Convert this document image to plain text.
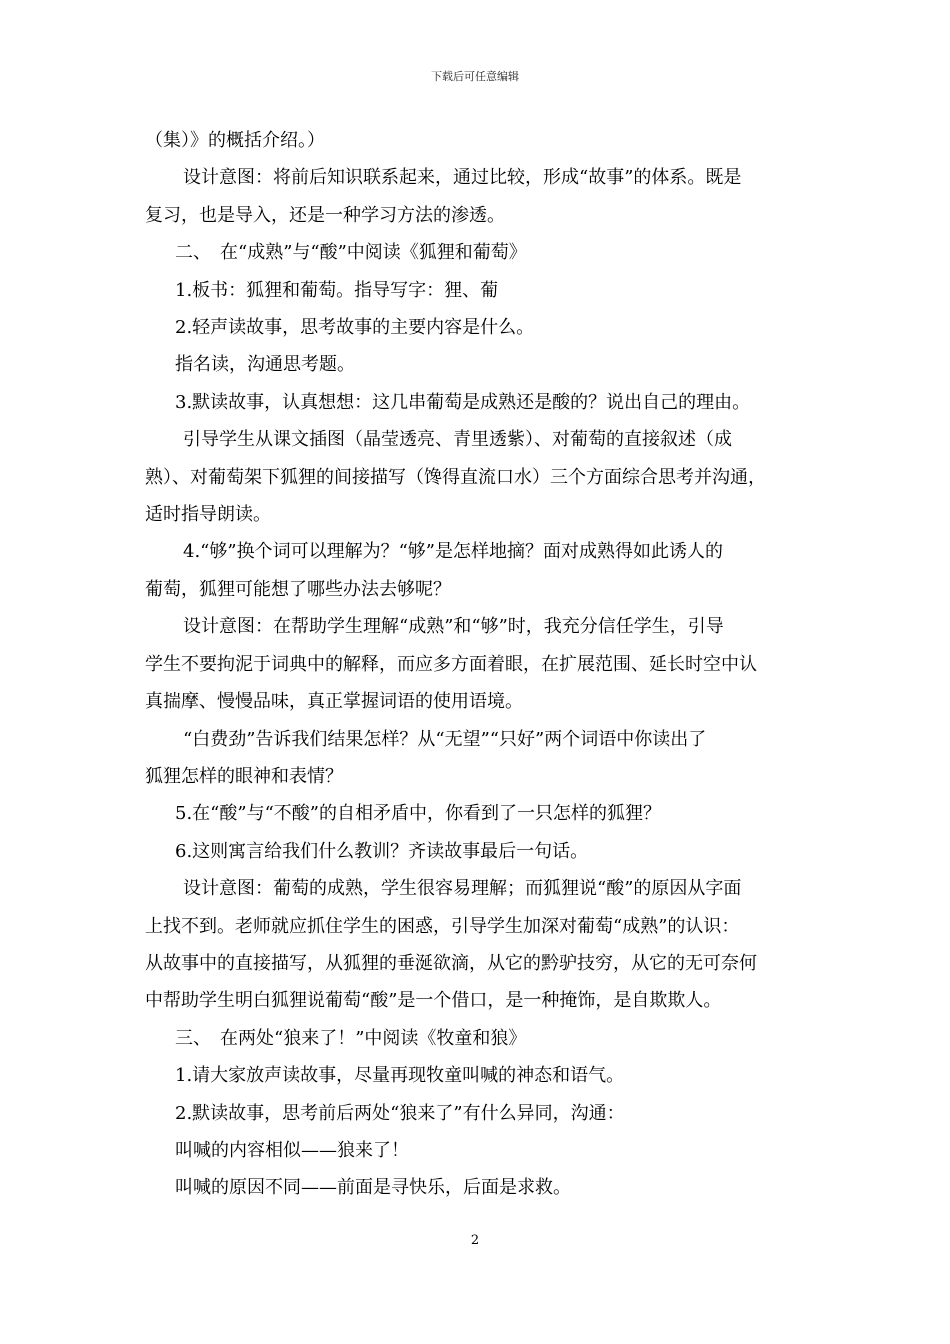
下载后可任意编辑
（集）》的概括介绍。）
设计意图：将前后知识联系起来，通过比较，形成“故事”的体系。既是
复习，也是导入，还是一种学习方法的渗透。
二、　在“成熟”与“酸”中阅读《狐狸和葡萄》
1.板书：狐狸和葡萄。指导写字：狸、葡
2.轻声读故事，思考故事的主要内容是什么。
指名读，沟通思考题。
3.默读故事，认真想想：这几串葡萄是成熟还是酸的？说出自己的理由。
引导学生从课文插图（晶莹透亮、青里透紫）、对葡萄的直接叙述（成
熟）、对葡萄架下狐狸的间接描写（馋得直流口水）三个方面综合思考并沟通，
适时指导朗读。
4.“够”换个词可以理解为？“够”是怎样地摘？面对成熟得如此诱人的
葡萄，狐狸可能想了哪些办法去够呢？
设计意图：在帮助学生理解“成熟”和“够”时，我充分信任学生，引导
学生不要拘泥于词典中的解释，而应多方面着眼，在扩展范围、延长时空中认
真揣摩、慢慢品味，真正掌握词语的使用语境。
“白费劲”告诉我们结果怎样？从“无望”“只好”两个词语中你读出了
狐狸怎样的眼神和表情？
5.在“酸”与“不酸”的自相矛盾中，你看到了一只怎样的狐狸？
6.这则寓言给我们什么教训？齐读故事最后一句话。
设计意图：葡萄的成熟，学生很容易理解；而狐狸说“酸”的原因从字面
上找不到。老师就应抓住学生的困惑，引导学生加深对葡萄“成熟”的认识：
从故事中的直接描写，从狐狸的垂涎欲滴，从它的黔驴技穷，从它的无可奈何
中帮助学生明白狐狸说葡萄“酸”是一个借口，是一种掩饰，是自欺欺人。
三、　在两处“狼来了！”中阅读《牧童和狼》
1.请大家放声读故事，尽量再现牧童叫喊的神态和语气。
2.默读故事，思考前后两处“狼来了”有什么异同，沟通：
叫喊的内容相似——狼来了！
叫喊的原因不同——前面是寻快乐，后面是求救。
2
